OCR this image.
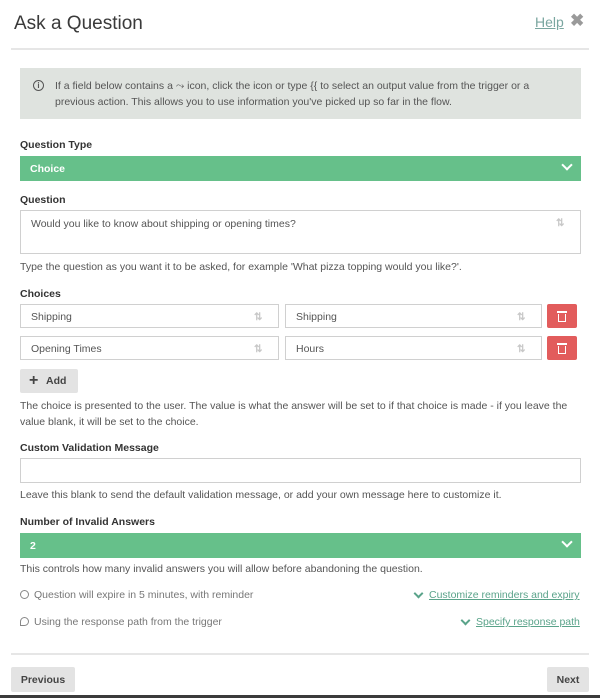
Ask a Question	Help ✖
i	If a field below contains a ⤳ icon, click the icon or type {{ to select an output value from the trigger or a previous action. This allows you to use information you've picked up so far in the flow.
Question Type
Choice
Question
Would you like to know about shipping or opening times?	⇅
Type the question as you want it to be asked, for example 'What pizza topping would you like?'.
Choices
Shipping	⇅	Shipping	⇅
Opening Times	⇅	Hours	⇅
+ Add
The choice is presented to the user. The value is what the answer will be set to if that choice is made - if you leave the value blank, it will be set to the choice.
Custom Validation Message
Leave this blank to send the default validation message, or add your own message here to customize it.
Number of Invalid Answers
2
This controls how many invalid answers you will allow before abandoning the question.
Question will expire in 5 minutes, with reminder	Customize reminders and expiry
Using the response path from the trigger	Specify response path
Previous	Next
